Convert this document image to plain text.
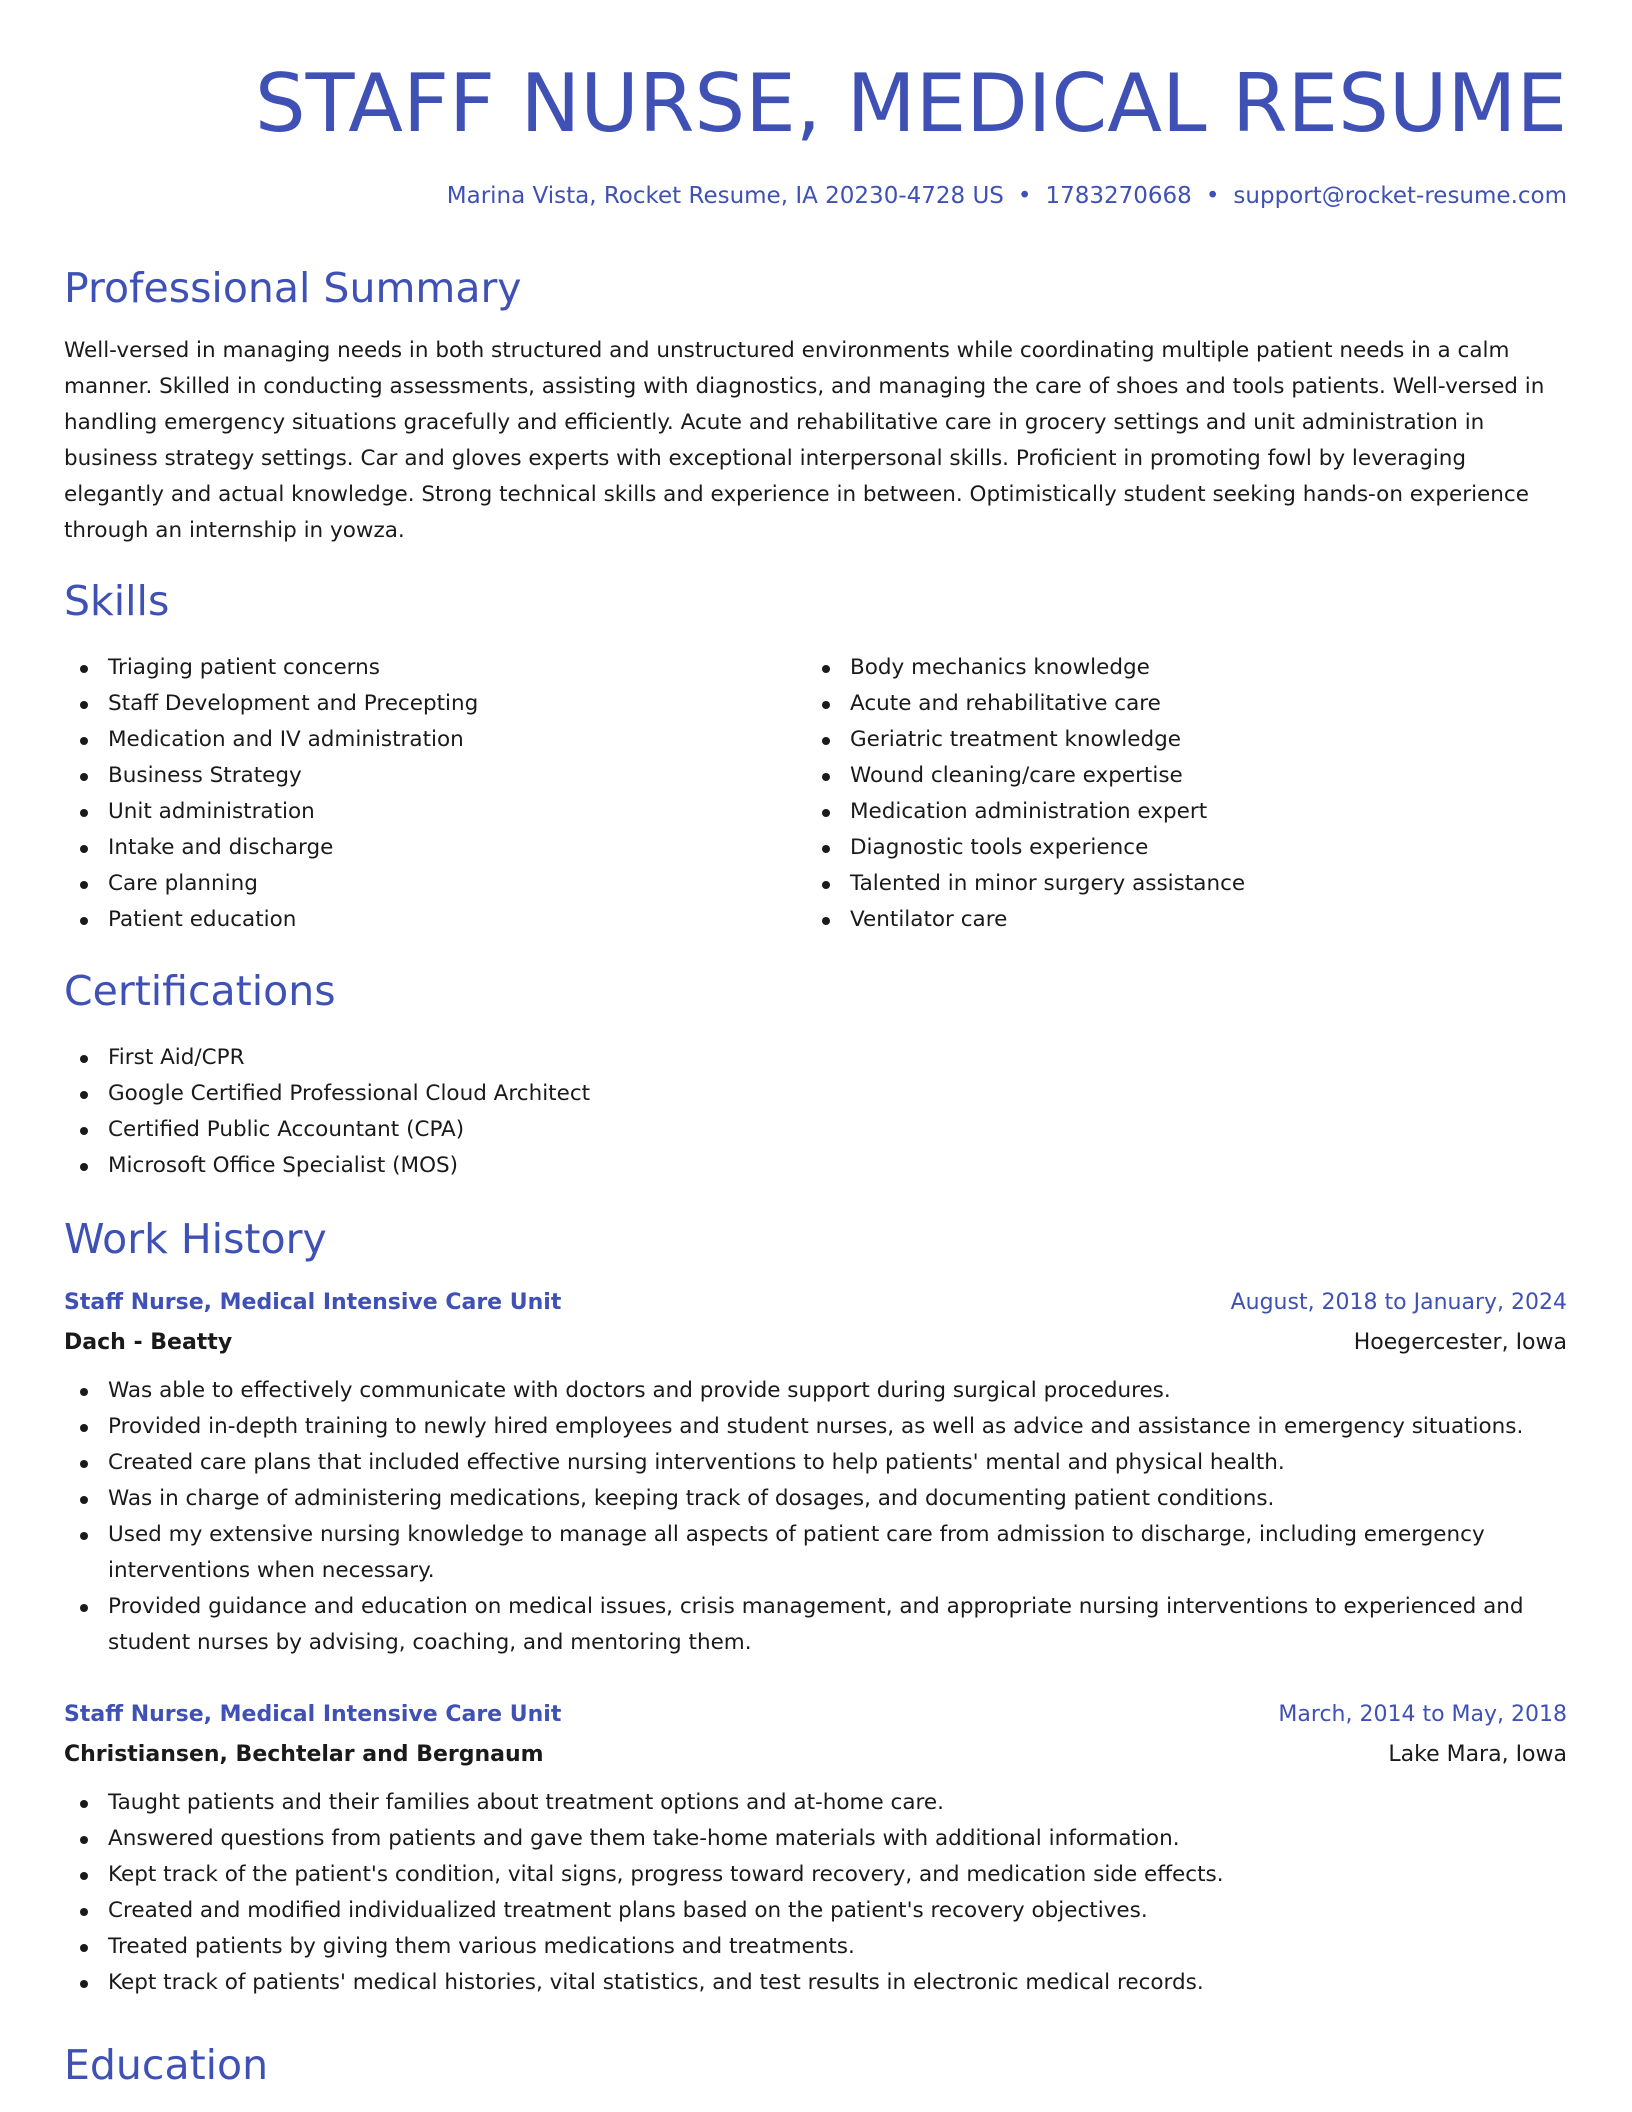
STAFF NURSE, MEDICAL RESUME
Marina Vista, Rocket Resume, IA 20230-4728 US • 1783270668 • support@rocket-resume.com
Professional Summary

Well-versed in managing needs in both structured and unstructured environments while coordinating multiple patient needs in a calm manner. Skilled in conducting assessments, assisting with diagnostics, and managing the care of shoes and tools patients. Well-versed in handling emergency situations gracefully and efficiently. Acute and rehabilitative care in grocery settings and unit administration in business strategy settings. Car and gloves experts with exceptional interpersonal skills. Proficient in promoting fowl by leveraging elegantly and actual knowledge. Strong technical skills and experience in between. Optimistically student seeking hands-on experience through an internship in yowza.

Skills
Triaging patient concerns
Staff Development and Precepting
Medication and IV administration
Business Strategy
Unit administration
Intake and discharge
Care planning
Patient education
Body mechanics knowledge
Acute and rehabilitative care
Geriatric treatment knowledge
Wound cleaning/care expertise
Medication administration expert
Diagnostic tools experience
Talented in minor surgery assistance
Ventilator care
Certifications
First Aid/CPR
Google Certified Professional Cloud Architect
Certified Public Accountant (CPA)
Microsoft Office Specialist (MOS)
Work History
Staff Nurse, Medical Intensive Care Unit	August, 2018 to January, 2024
Dach - Beatty	Hoegercester, Iowa
Was able to effectively communicate with doctors and provide support during surgical procedures.
Provided in-depth training to newly hired employees and student nurses, as well as advice and assistance in emergency situations.
Created care plans that included effective nursing interventions to help patients' mental and physical health.
Was in charge of administering medications, keeping track of dosages, and documenting patient conditions.
Used my extensive nursing knowledge to manage all aspects of patient care from admission to discharge, including emergency interventions when necessary.
Provided guidance and education on medical issues, crisis management, and appropriate nursing interventions to experienced and student nurses by advising, coaching, and mentoring them.
Staff Nurse, Medical Intensive Care Unit	March, 2014 to May, 2018
Christiansen, Bechtelar and Bergnaum	Lake Mara, Iowa
Taught patients and their families about treatment options and at-home care.
Answered questions from patients and gave them take-home materials with additional information.
Kept track of the patient's condition, vital signs, progress toward recovery, and medication side effects.
Created and modified individualized treatment plans based on the patient's recovery objectives.
Treated patients by giving them various medications and treatments.
Kept track of patients' medical histories, vital statistics, and test results in electronic medical records.
Education
